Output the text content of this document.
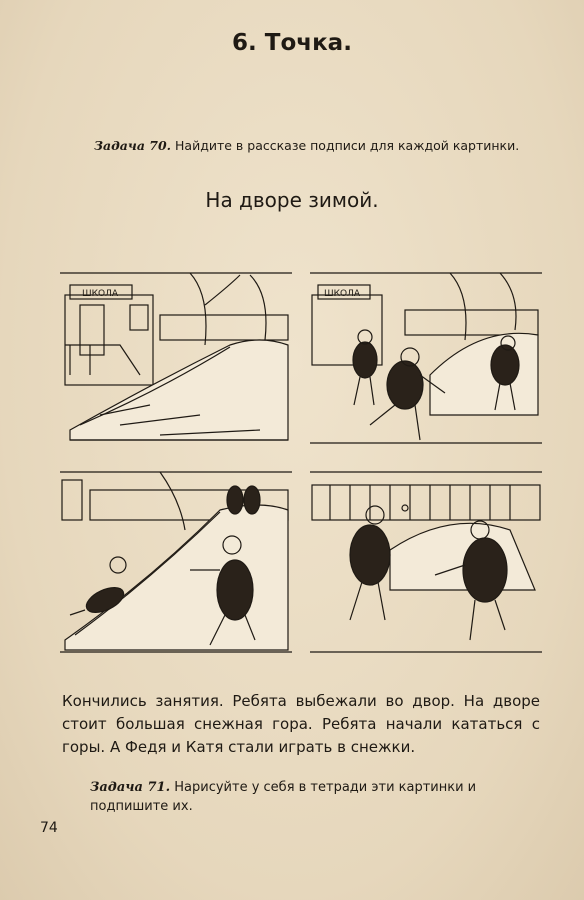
6. Точка.
Задача 70. Найдите в рассказе подписи для каждой картинки.
На дворе зимой.
ШКОЛА	ШКОЛА
Кончились занятия. Ребята выбежали во двор. На дворе стоит большая снежная гора. Ребята начали кататься с горы. А Федя и Катя стали играть в снежки.
Задача 71. Нарисуйте у себя в тетради эти картинки и подпишите их.
74
